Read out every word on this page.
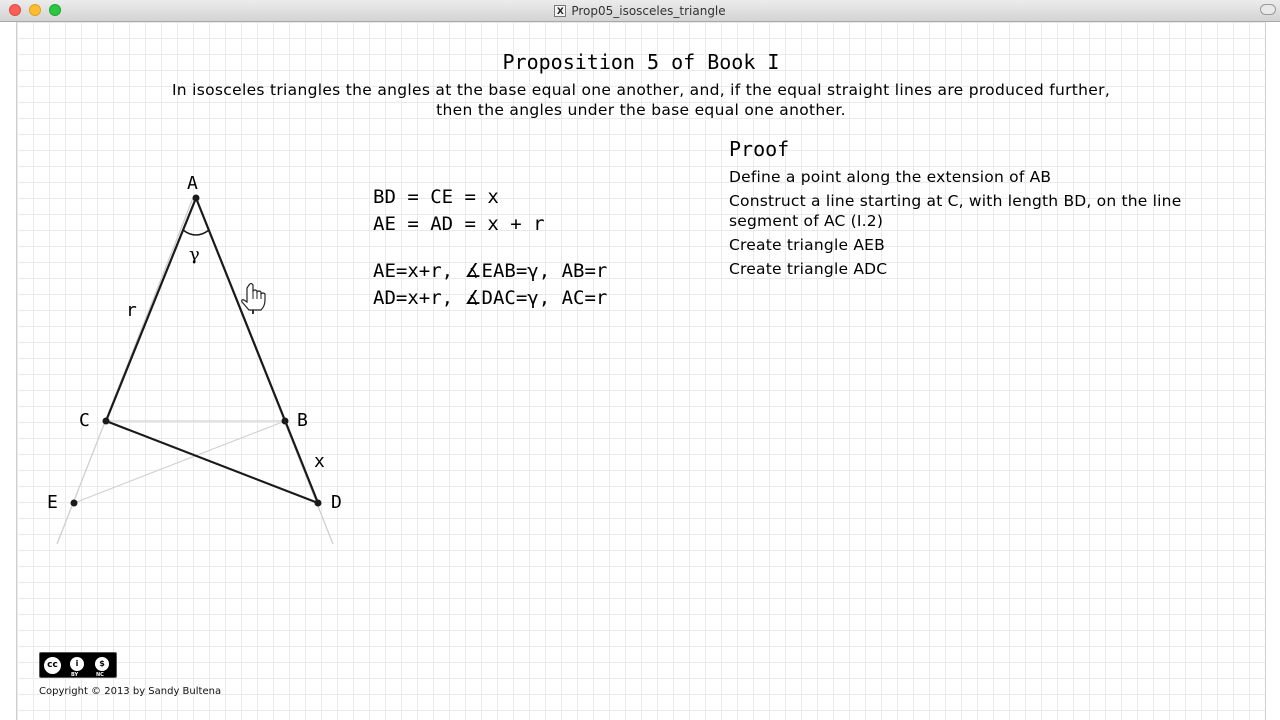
X Prop05_isosceles_triangle
Proposition 5 of Book I
In isosceles triangles the angles at the base equal one another, and, if the equal straight lines are produced further,
then the angles under the base equal one another.
A
C	B
D
E
γ
r
x
BD = CE = x
AE = AD = x + r
AE=x+r, ∡EAB=γ, AB=r
AD=x+r, ∡DAC=γ, AC=r
Proof
Define a point along the extension of AB
Construct a line starting at C, with length BD, on the line segment of AC (I.2)
Create triangle AEB
Create triangle ADC
cc	i	$
BY	NC
Copyright © 2013 by Sandy Bultena
